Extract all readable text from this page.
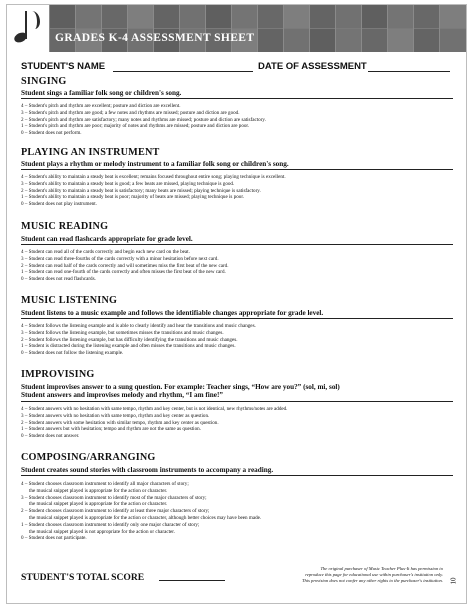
GRADES K-4 ASSESSMENT SHEET
STUDENT'S NAME	DATE OF ASSESSMENT
SINGING
Student sings a familiar folk song or children's song.
4 – Student's pitch and rhythm are excellent; posture and diction are excellent.
3 – Student's pitch and rhythm are good; a few notes and rhythms are missed; posture and diction are good.
2 – Student's pitch and rhythm are satisfactory; many notes and rhythms are missed; posture and diction are satisfactory.
1 – Student's pitch and rhythm are poor; majority of notes and rhythms are missed; posture and diction are poor.
0 – Student does not perform.
PLAYING AN INSTRUMENT
Student plays a rhythm or melody instrument to a familiar folk song or children's song.
4 – Student's ability to maintain a steady beat is excellent; remains focused throughout entire song; playing technique is excellent.
3 – Student's ability to maintain a steady beat is good; a few beats are missed, playing technique is good.
2 – Student's ability to maintain a steady beat is satisfactory; many beats are missed; playing technique is satisfactory.
1 – Student's ability to maintain a steady beat is poor; majority of beats are missed; playing technique is poor.
0 – Student does not play instrument.
MUSIC READING
Student can read flashcards appropriate for grade level.
4 – Student can read all of the cards correctly and begin each new card on the beat.
3 – Student can read three-fourths of the cards correctly with a minor hesitation before next card.
2 – Student can read half of the cards correctly and will sometimes miss the first beat of the new card.
1 – Student can read one-fourth of the cards correctly and often misses the first beat of the new card.
0 – Student does not read flashcards.
MUSIC LISTENING
Student listens to a music example and follows the identifiable changes appropriate for grade level.
4 – Student follows the listening example and is able to clearly identify and hear the transitions and music changes.
3 – Student follows the listening example, but sometimes misses the transitions and music changes.
2 – Student follows the listening example, but has difficulty identifying the transitions and music changes.
1 – Student is distracted during the listening example and often misses the transitions and music changes.
0 – Student does not follow the listening example.
IMPROVISING
Student improvises answer to a sung question. For example: Teacher sings, “How are you?” (sol, mi, sol)
Student answers and improvises melody and rhythm, “I am fine!”
4 – Student answers with no hesitation with same tempo, rhythm and key center, but is not identical, new rhythms/notes are added.
3 – Student answers with no hesitation with same tempo, rhythm and key center as question.
2 – Student answers with some hesitation with similar tempo, rhythm and key center as question.
1 – Student answers but with hesitation; tempo and rhythm are not the same as question.
0 – Student does not answer.
COMPOSING/ARRANGING
Student creates sound stories with classroom instruments to accompany a reading.
4 – Student chooses classroom instrument to identify all major characters of story;
the musical snippet played is appropriate for the action or character.
3 – Student chooses classroom instrument to identify most of the major characters of story;
the musical snippet played is appropriate for the action or character.
2 – Student chooses classroom instrument to identify at least three major characters of story;
the musical snippet played is appropriate for the action or character, although better choices may have been made.
1 – Student chooses classroom instrument to identify only one major character of story;
the musical snippet played is not appropriate for the action or character.
0 – Student does not participate.
STUDENT'S TOTAL SCORE
The original purchaser of Music Teacher Plus-It has permission to
reproduce this page for educational use within purchaser's institution only.
This provision does not confer any other rights to the purchaser's institution. 10
